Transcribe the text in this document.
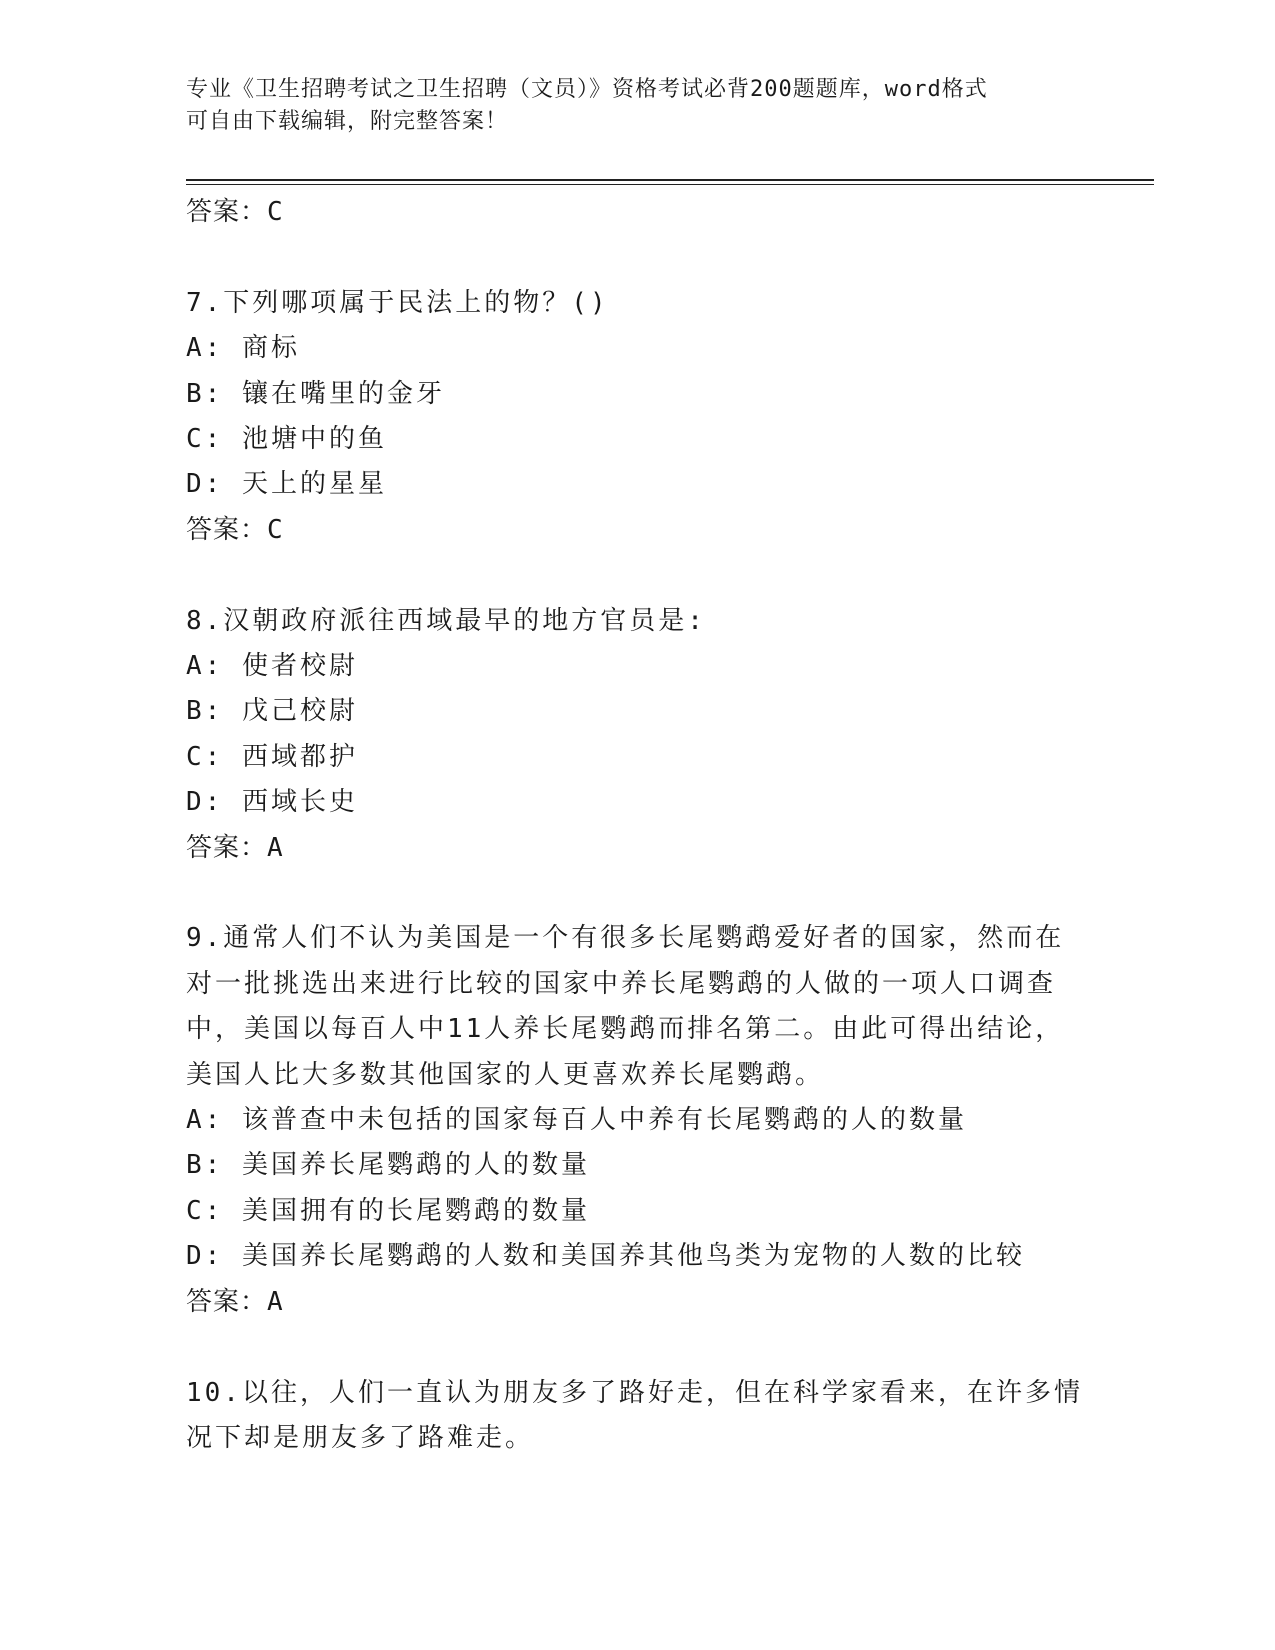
专业《卫生招聘考试之卫生招聘（文员）》资格考试必背200题题库，word格式
可自由下载编辑，附完整答案！
答案：C
7.下列哪项属于民法上的物？()
A: 商标
B: 镶在嘴里的金牙
C: 池塘中的鱼
D: 天上的星星
答案：C
8.汉朝政府派往西域最早的地方官员是:
A: 使者校尉
B: 戊己校尉
C: 西域都护
D: 西域长史
答案：A
9.通常人们不认为美国是一个有很多长尾鹦鹉爱好者的国家，然而在
对一批挑选出来进行比较的国家中养长尾鹦鹉的人做的一项人口调查
中，美国以每百人中11人养长尾鹦鹉而排名第二。由此可得出结论，
美国人比大多数其他国家的人更喜欢养长尾鹦鹉。
A: 该普查中未包括的国家每百人中养有长尾鹦鹉的人的数量
B: 美国养长尾鹦鹉的人的数量
C: 美国拥有的长尾鹦鹉的数量
D: 美国养长尾鹦鹉的人数和美国养其他鸟类为宠物的人数的比较
答案：A
10.以往，人们一直认为朋友多了路好走，但在科学家看来，在许多情
况下却是朋友多了路难走。
